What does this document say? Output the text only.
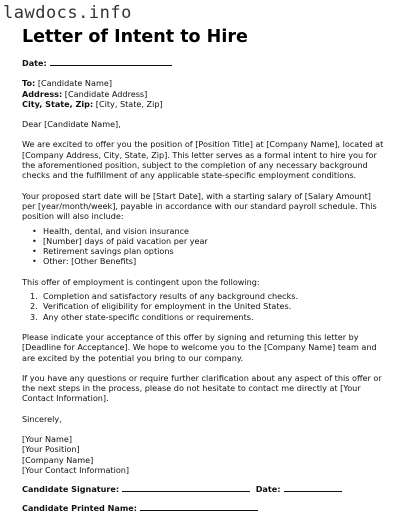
lawdocs.info
Letter of Intent to Hire

Date:

To: [Candidate Name]

Address: [Candidate Address]

City, State, Zip: [City, State, Zip]

Dear [Candidate Name],

We are excited to offer you the position of [Position Title] at [Company Name], located at [Company Address, City, State, Zip]. This letter serves as a formal intent to hire you for the aforementioned position, subject to the completion of any necessary background checks and the fulfillment of any applicable state-specific employment conditions.

Your proposed start date will be [Start Date], with a starting salary of [Salary Amount] per [year/month/week], payable in accordance with our standard payroll schedule. This position will also include:

• Health, dental, and vision insurance
• [Number] days of paid vacation per year
• Retirement savings plan options
• Other: [Other Benefits]

This offer of employment is contingent upon the following:

1. Completion and satisfactory results of any background checks.
2. Verification of eligibility for employment in the United States.
3. Any other state-specific conditions or requirements.

Please indicate your acceptance of this offer by signing and returning this letter by [Deadline for Acceptance]. We hope to welcome you to the [Company Name] team and are excited by the potential you bring to our company.

If you have any questions or require further clarification about any aspect of this offer or the next steps in the process, please do not hesitate to contact me directly at [Your Contact Information].

Sincerely,

[Your Name]

[Your Position]

[Company Name]

[Your Contact Information]

Candidate Signature:	Date:

Candidate Printed Name:
